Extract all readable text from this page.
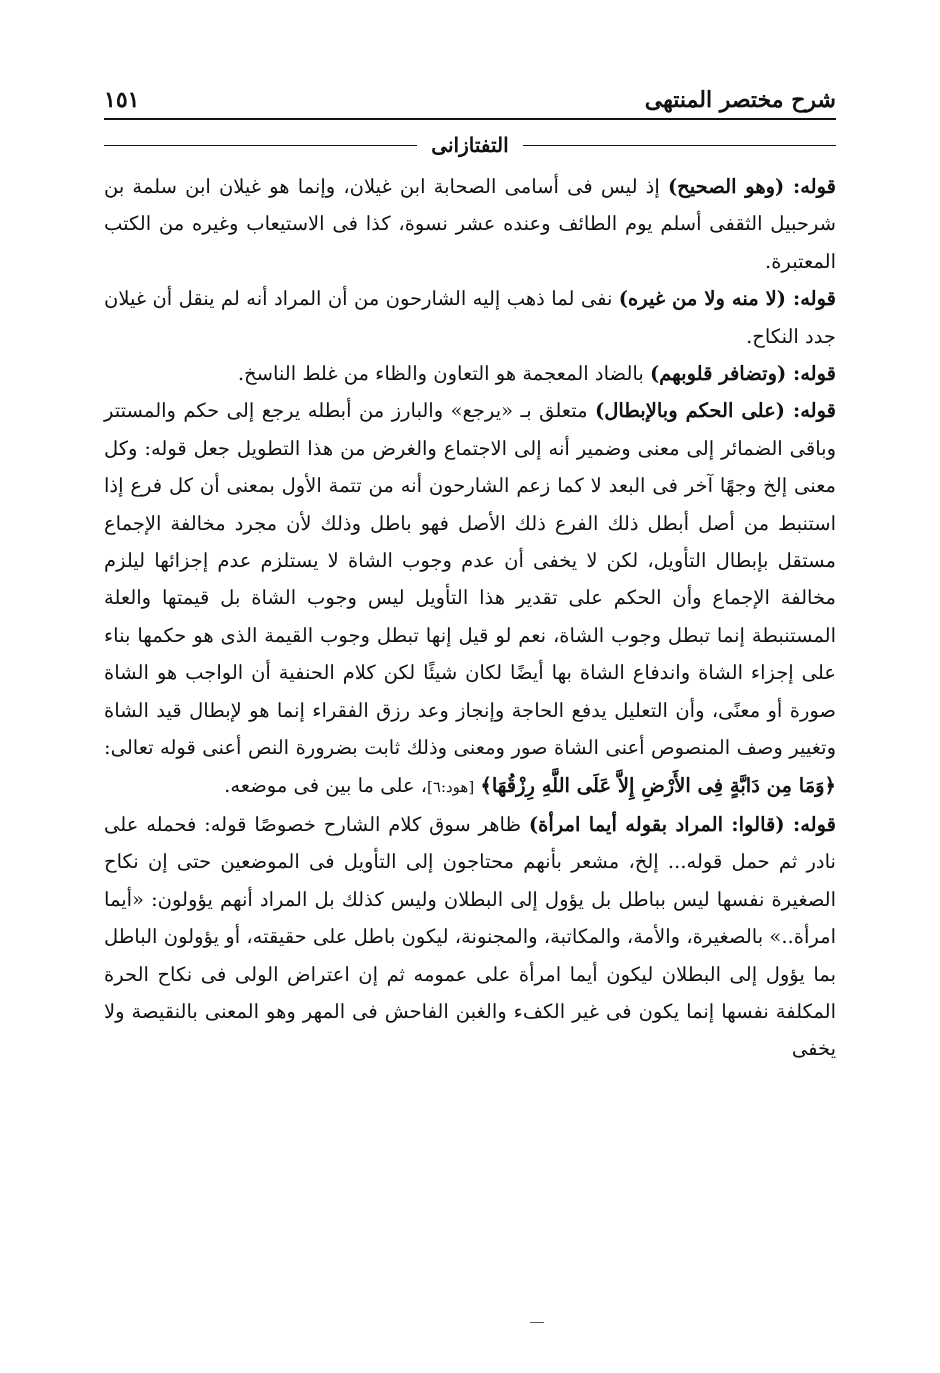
شرح مختصر المنتهى
١٥١
التفتازانى

قوله: (وهو الصحيح) إذ ليس فى أسامى الصحابة ابن غيلان، وإنما هو غيلان ابن سلمة بن شرحبيل الثقفى أسلم يوم الطائف وعنده عشر نسوة، كذا فى الاستيعاب وغيره من الكتب المعتبرة.

قوله: (لا منه ولا من غيره) نفى لما ذهب إليه الشارحون من أن المراد أنه لم ينقل أن غيلان جدد النكاح.

قوله: (وتضافر قلوبهم) بالضاد المعجمة هو التعاون والظاء من غلط الناسخ.

قوله: (على الحكم وبالإبطال) متعلق بـ «يرجع» والبارز من أبطله يرجع إلى حكم والمستتر وباقى الضمائر إلى معنى وضمير أنه إلى الاجتماع والغرض من هذا التطويل جعل قوله: وكل معنى إلخ وجهًا آخر فى البعد لا كما زعم الشارحون أنه من تتمة الأول بمعنى أن كل فرع إذا استنبط من أصل أبطل ذلك الفرع ذلك الأصل فهو باطل وذلك لأن مجرد مخالفة الإجماع مستقل بإبطال التأويل، لكن لا يخفى أن عدم وجوب الشاة لا يستلزم عدم إجزائها ليلزم مخالفة الإجماع وأن الحكم على تقدير هذا التأويل ليس وجوب الشاة بل قيمتها والعلة المستنبطة إنما تبطل وجوب الشاة، نعم لو قيل إنها تبطل وجوب القيمة الذى هو حكمها بناء على إجزاء الشاة واندفاع الشاة بها أيضًا لكان شيئًا لكن كلام الحنفية أن الواجب هو الشاة صورة أو معنًى، وأن التعليل يدفع الحاجة وإنجاز وعد رزق الفقراء إنما هو لإبطال قيد الشاة وتغيير وصف المنصوص أعنى الشاة صور ومعنى وذلك ثابت بضرورة النص أعنى قوله تعالى: ﴿وَمَا مِن دَابَّةٍ فِى الأَرْضِ إِلاَّ عَلَى اللَّهِ رِزْقُهَا﴾ [هود:٦]، على ما بين فى موضعه.

قوله: (قالوا: المراد بقوله أيما امرأة) ظاهر سوق كلام الشارح خصوصًا قوله: فحمله على نادر ثم حمل قوله... إلخ، مشعر بأنهم محتاجون إلى التأويل فى الموضعين حتى إن نكاح الصغيرة نفسها ليس بباطل بل يؤول إلى البطلان وليس كذلك بل المراد أنهم يؤولون: «أيما امرأة..» بالصغيرة، والأمة، والمكاتبة، والمجنونة، ليكون باطل على حقيقته، أو يؤولون الباطل بما يؤول إلى البطلان ليكون أيما امرأة على عمومه ثم إن اعتراض الولى فى نكاح الحرة المكلفة نفسها إنما يكون فى غير الكفء والغبن الفاحش فى المهر وهو المعنى بالنقيصة ولا يخفى
